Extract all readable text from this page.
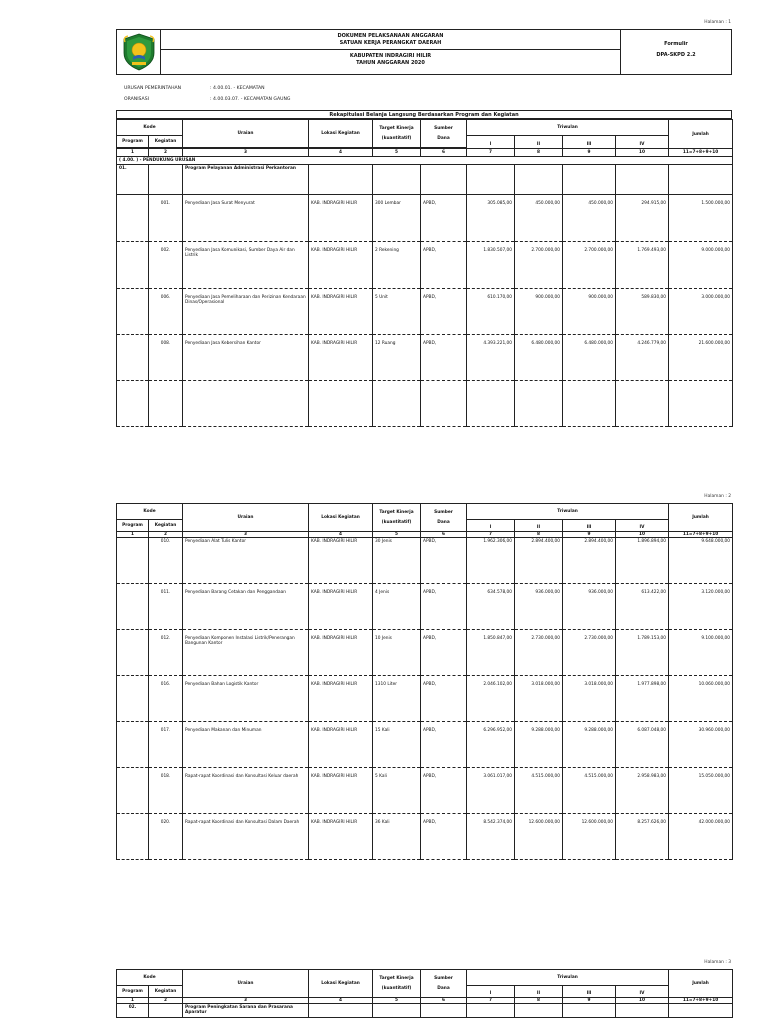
Halaman : 1
DOKUMEN PELAKSANAAN ANGGARAN
SATUAN KERJA PERANGKAT DAERAH
KABUPATEN INDRAGIRI HILIR
TAHUN ANGGARAN 2020
Formulir
DPA-SKPD 2.2
URUSAN PEMERINTAHAN	: 4.00.01. - KECAMATAN
ORANISASI	: 4.00.03.07. - KECAMATAN GAUNG
Rekapitulasi Belanja Langsung Berdasarkan Program dan Kegiatan
Kode		Uraian	Lokasi Kegiatan	Target Kinerja

(kuantitatif)	Sumber

Dana	Triwulan				Jumlah
Program	Kegiatan					I	II	III	IV	

1	2	3	4	5	6	7	8	9	10	11=7+8+9+10
( 4.00. ) - PENDUKUNG URUSAN										
01.		Program Pelayanan Administrasi Perkantoran								
	001.	Penyediaan Jasa Surat Menyurat	KAB. INDRAGIRI HILIR	300 Lembar	APBD,	305.085,00	450.000,00	450.000,00	294.915,00	1.500.000,00
	002.	Penyediaan Jasa Komunikasi, Sumber Daya Air dan Listrik	KAB. INDRAGIRI HILIR	2 Rekening	APBD,	1.830.507,00	2.700.000,00	2.700.000,00	1.769.493,00	9.000.000,00
	006.	Penyediaan Jasa Pemeliharaan dan Perizinan Kendaraan Dinas/Operasional	KAB. INDRAGIRI HILIR	5 Unit	APBD,	610.170,00	900.000,00	900.000,00	589.830,00	3.000.000,00
	008.	Penyediaan Jasa Kebersihan Kantor	KAB. INDRAGIRI HILIR	12 Ruang	APBD,	4.393.221,00	6.480.000,00	6.480.000,00	4.246.779,00	21.600.000,00

Halaman : 2
Kode		Uraian	Lokasi Kegiatan	Target Kinerja

(kuantitatif)	Sumber

Dana	Triwulan				Jumlah
Program	Kegiatan					I	II	III	IV	
1	2	3	4	5	6	7	8	9	10	11=7+8+9+10
	010.	Penyediaan Alat Tulis Kantor	KAB. INDRAGIRI HILIR	30 Jenis	APBD,	1.962.306,00	2.894.400,00	2.894.400,00	1.896.894,00	9.648.000,00
	011.	Penyediaan Barang Cetakan dan Penggandaan	KAB. INDRAGIRI HILIR	4 Jenis	APBD,	634.578,00	936.000,00	936.000,00	613.422,00	3.120.000,00
	012.	Penyediaan Komponen Instalasi Listrik/Penerangan Bangunan Kantor	KAB. INDRAGIRI HILIR	10 Jenis	APBD,	1.850.847,00	2.730.000,00	2.730.000,00	1.789.153,00	9.100.000,00
	016.	Penyediaan Bahan Logistik Kantor	KAB. INDRAGIRI HILIR	1310 Liter	APBD,	2.046.102,00	3.018.000,00	3.018.000,00	1.977.898,00	10.060.000,00
	017.	Penyediaan Makanan dan Minuman	KAB. INDRAGIRI HILIR	15 Kali	APBD,	6.296.952,00	9.288.000,00	9.288.000,00	6.087.048,00	30.960.000,00
	018.	Rapat-rapat Koordinasi dan Konsultasi Keluar daerah	KAB. INDRAGIRI HILIR	5 Kali	APBD,	3.061.017,00	4.515.000,00	4.515.000,00	2.958.983,00	15.050.000,00
	020.	Rapat-rapat Koordinasi dan Konsultasi Dalam Daerah	KAB. INDRAGIRI HILIR	36 Kali	APBD,	8.542.374,00	12.600.000,00	12.600.000,00	8.257.626,00	42.000.000,00
Halaman : 3
Kode		Uraian	Lokasi Kegiatan	Target Kinerja

(kuantitatif)	Sumber

Dana	Triwulan				Jumlah
Program	Kegiatan					I	II	III	IV	
1	2	3	4	5	6	7	8	9	10	11=7+8+9+10
02.		Program Peningkatan Sarana dan Prasarana Aparatur								
